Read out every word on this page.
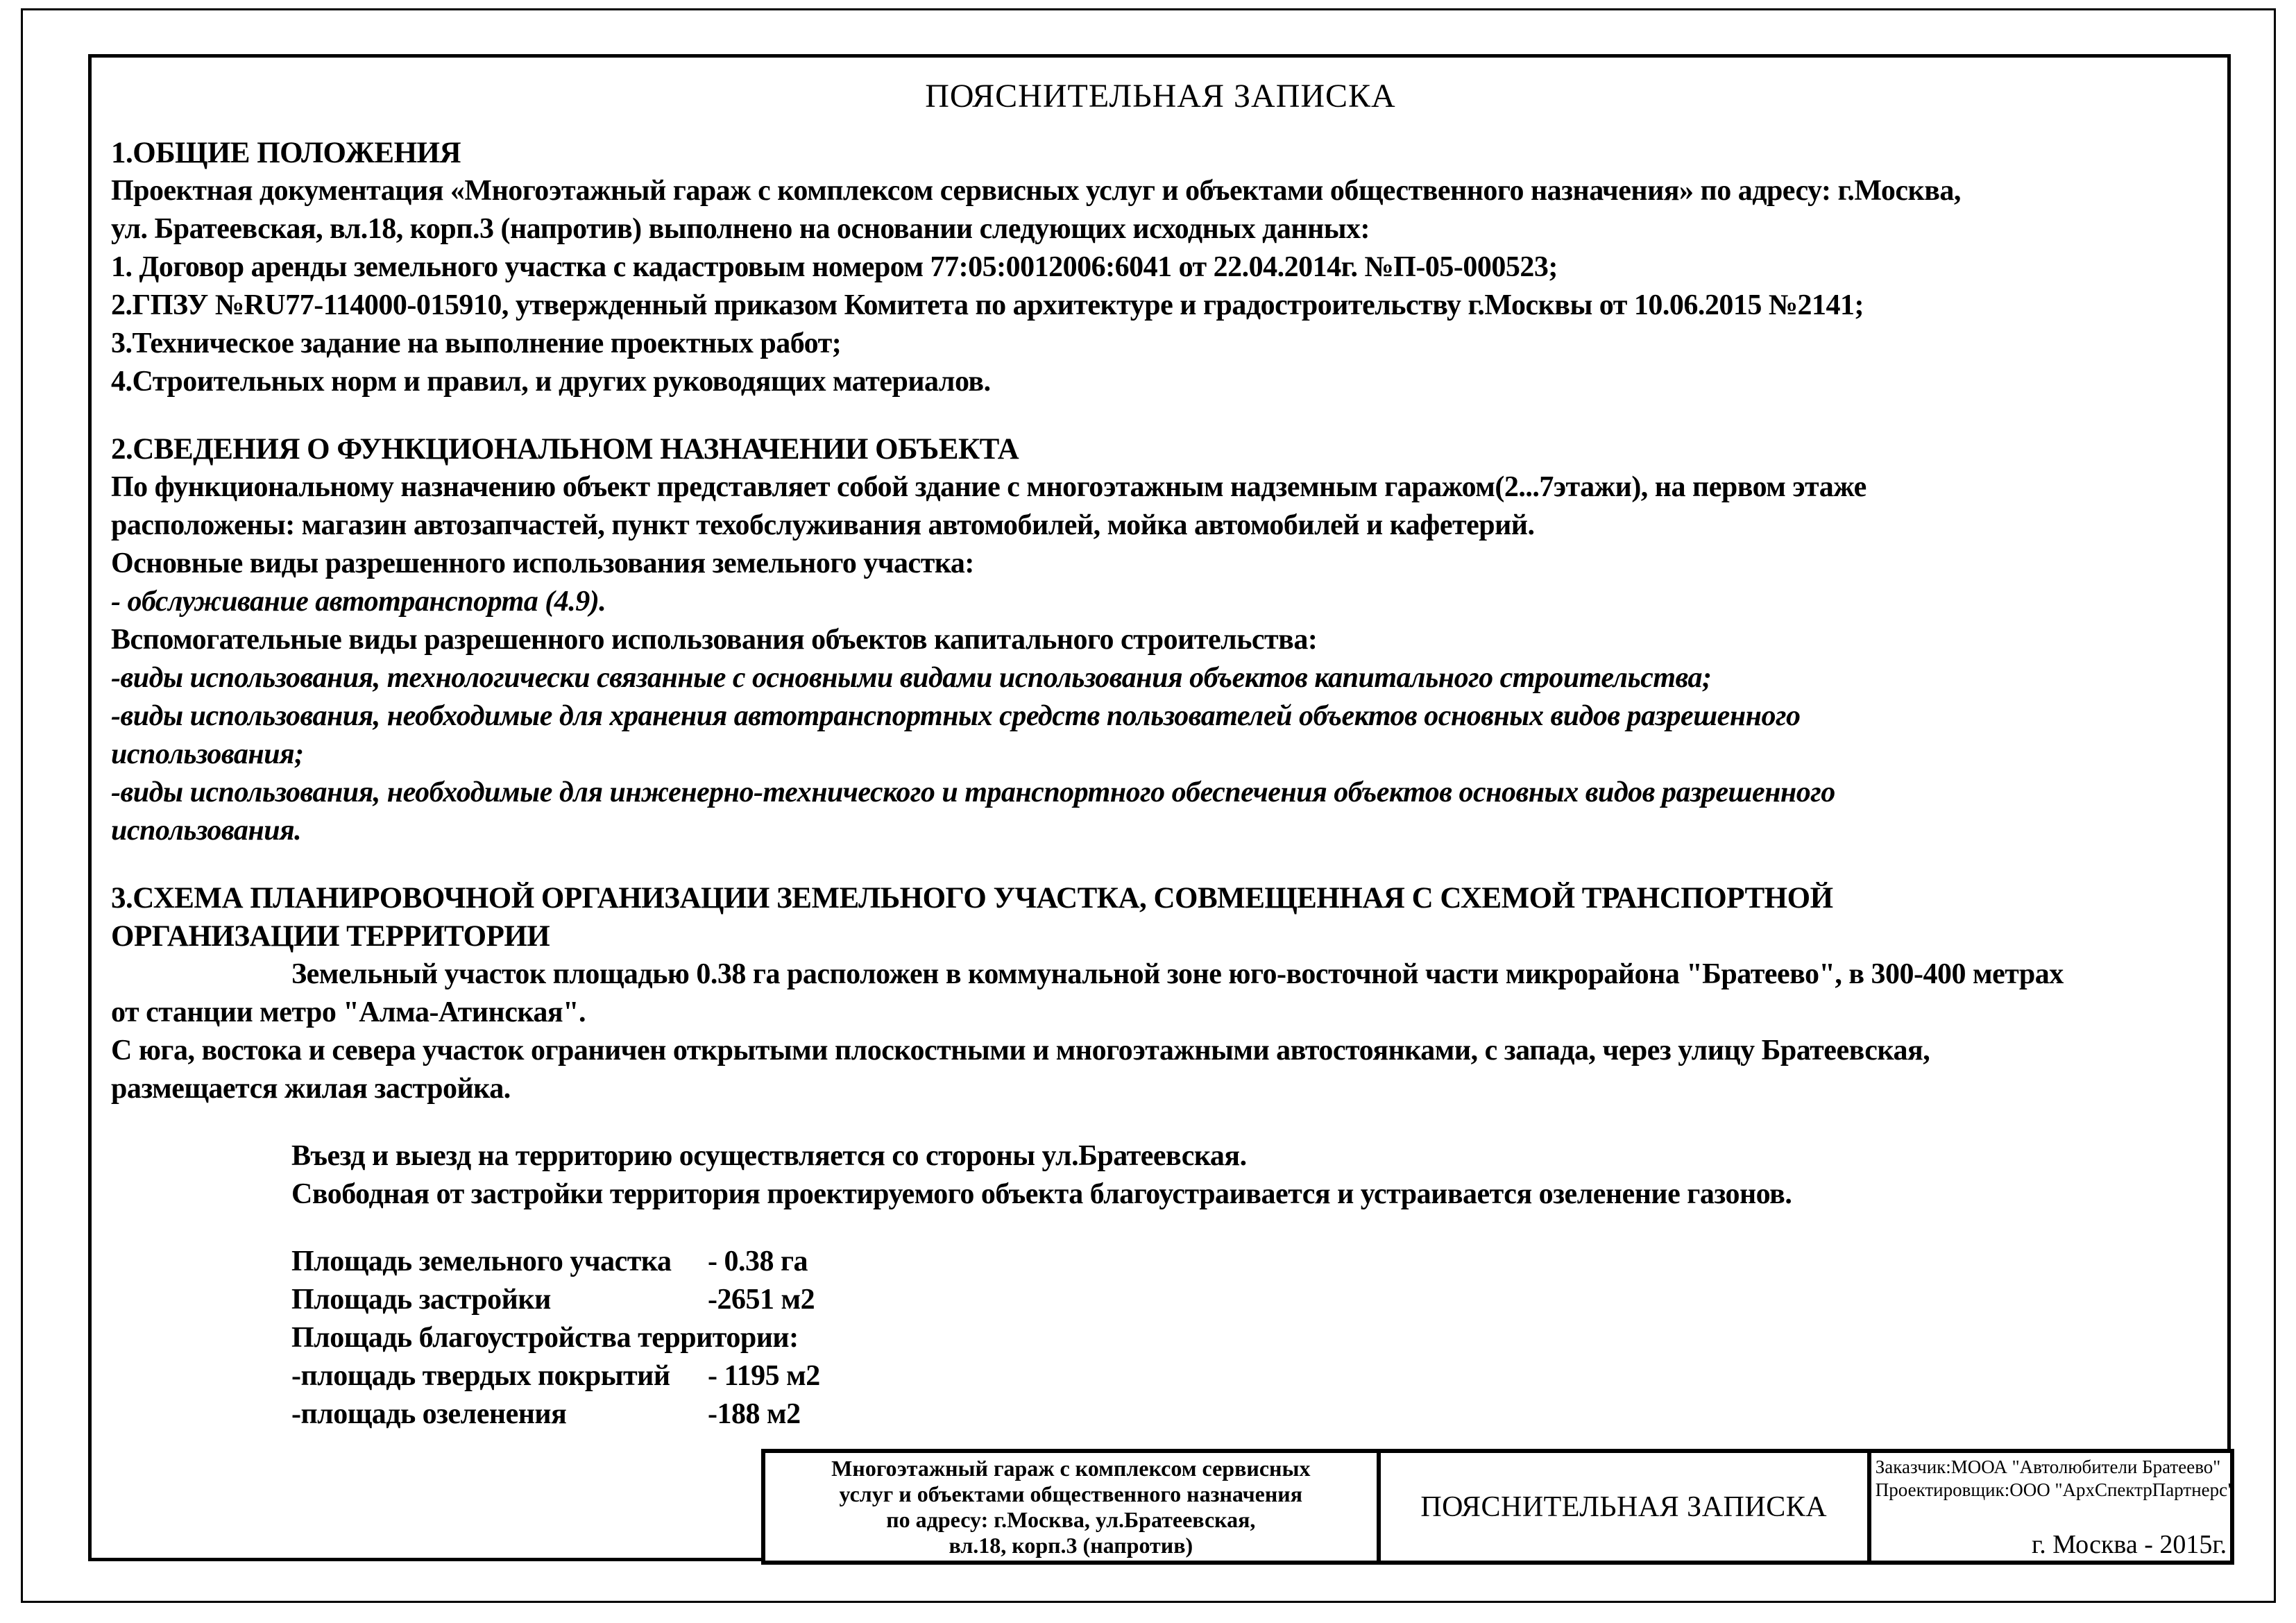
ПОЯСНИТЕЛЬНАЯ ЗАПИСКА
1.ОБЩИЕ ПОЛОЖЕНИЯ
Проектная документация «Многоэтажный гараж с комплексом сервисных услуг и объектами общественного назначения» по адресу: г.Москва,
ул. Братеевская, вл.18, корп.3 (напротив) выполнено на основании следующих исходных данных:
1. Договор аренды земельного участка с кадастровым номером 77:05:0012006:6041 от 22.04.2014г. №П-05-000523;
2.ГПЗУ №RU77-114000-015910, утвержденный приказом Комитета по архитектуре и градостроительству г.Москвы от 10.06.2015 №2141;
3.Техническое задание на выполнение проектных работ;
4.Строительных норм и правил, и других руководящих материалов.
2.СВЕДЕНИЯ О ФУНКЦИОНАЛЬНОМ НАЗНАЧЕНИИ ОБЪЕКТА
По функциональному назначению объект представляет собой здание с многоэтажным надземным гаражом(2...7этажи), на первом этаже
расположены: магазин автозапчастей, пункт техобслуживания автомобилей, мойка автомобилей и кафетерий.
Основные виды разрешенного использования земельного участка:
- обслуживание автотранспорта (4.9).
Вспомогательные виды разрешенного использования объектов капитального строительства:
-виды использования, технологически связанные с основными видами использования объектов капитального строительства;
-виды использования, необходимые для хранения автотранспортных средств пользователей объектов основных видов разрешенного
использования;
-виды использования, необходимые для инженерно-технического и транспортного обеспечения объектов основных видов разрешенного
использования.
3.СХЕМА ПЛАНИРОВОЧНОЙ ОРГАНИЗАЦИИ ЗЕМЕЛЬНОГО УЧАСТКА, СОВМЕЩЕННАЯ С СХЕМОЙ ТРАНСПОРТНОЙ
ОРГАНИЗАЦИИ ТЕРРИТОРИИ
Земельный участок площадью 0.38 га расположен в коммунальной зоне юго-восточной части микрорайона "Братеево", в 300-400 метрах
от станции метро "Алма-Атинская".
С юга, востока и севера участок ограничен открытыми плоскостными и многоэтажными автостоянками, с запада, через улицу Братеевская,
размещается жилая застройка.
Въезд и выезд на территорию осуществляется со стороны ул.Братеевская.
Свободная от застройки территория проектируемого объекта благоустраивается и устраивается озеленение газонов.
Площадь земельного участка - 0.38 га
Площадь застройки	-2651 м2
Площадь благоустройства территории:
-площадь твердых покрытий - 1195 м2
-площадь озеленения	-188 м2
Многоэтажный гараж с комплексом сервисных
услуг и объектами общественного назначения
по адресу: г.Москва, ул.Братеевская,
вл.18, корп.3 (напротив)
ПОЯСНИТЕЛЬНАЯ ЗАПИСКА
Заказчик:МООА "Автолюбители Братеево"
Проектировщик:ООО "АрхСпектрПартнерс"
г. Москва - 2015г.
